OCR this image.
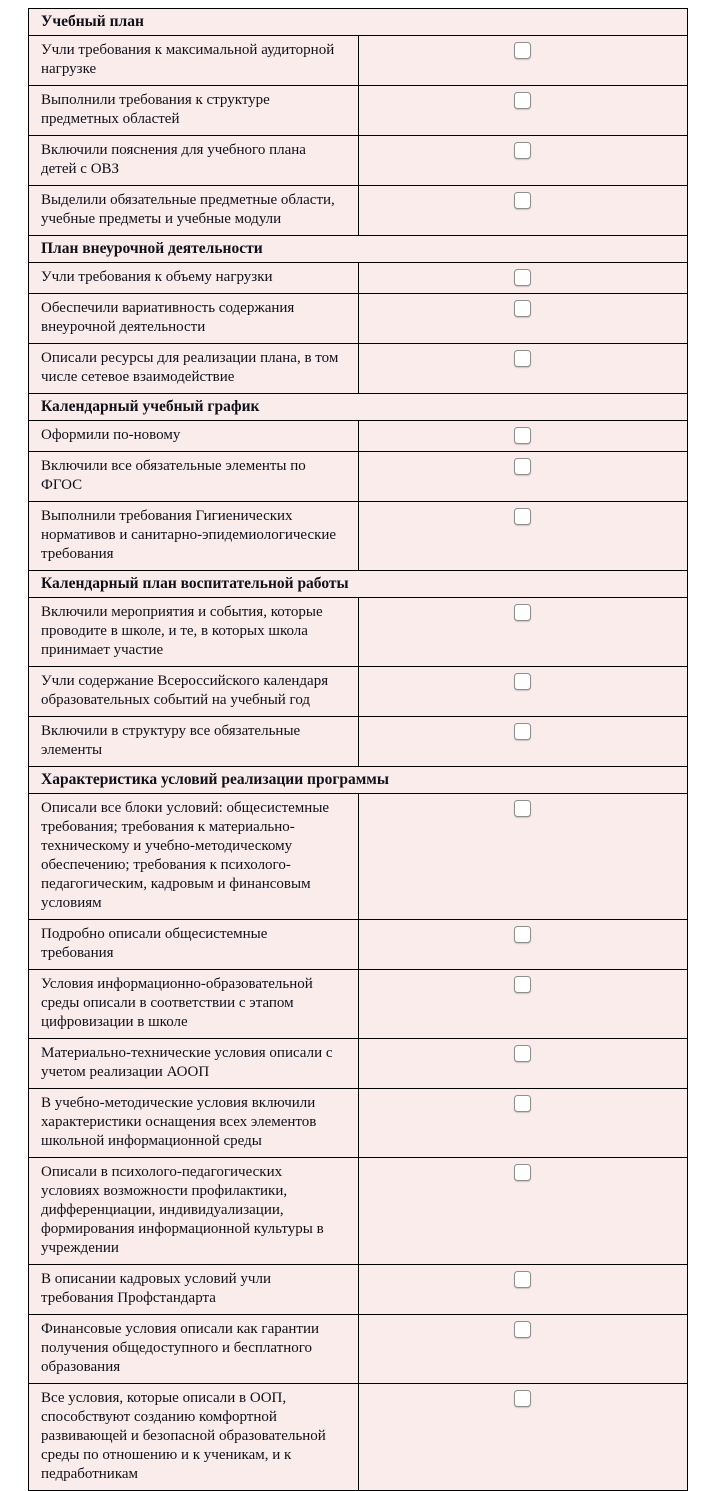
Учебный план	
Учли требования к максимальной аудиторной нагрузке	
Выполнили требования к структуре предметных областей	
Включили пояснения для учебного плана детей с ОВЗ	
Выделили обязательные предметные области, учебные предметы и учебные модули	
План внеурочной деятельности	
Учли требования к объему нагрузки	
Обеспечили вариативность содержания внеурочной деятельности	
Описали ресурсы для реализации плана, в том числе сетевое взаимодействие	
Календарный учебный график	
Оформили по-новому	
Включили все обязательные элементы по ФГОС	
Выполнили требования Гигиенических нормативов и санитарно-эпидемиологические требования	
Календарный план воспитательной работы	
Включили мероприятия и события, которые проводите в школе, и те, в которых школа принимает участие	
Учли содержание Всероссийского календаря образовательных событий на учебный год	
Включили в структуру все обязательные элементы	
Характеристика условий реализации программы	
Описали все блоки условий: общесистемные требования; требования к материально-техническому и учебно-методическому обеспечению; требования к психолого-педагогическим, кадровым и финансовым условиям	
Подробно описали общесистемные требования	
Условия информационно-образовательной среды описали в соответствии с этапом цифровизации в школе	
Материально-технические условия описали с учетом реализации АООП	
В учебно-методические условия включили характеристики оснащения всех элементов школьной информационной среды	
Описали в психолого-педагогических условиях возможности профилактики, дифференциации, индивидуализации, формирования информационной культуры в учреждении	
В описании кадровых условий учли требования Профстандарта	
Финансовые условия описали как гарантии получения общедоступного и бесплатного образования	
Все условия, которые описали в ООП, способствуют созданию комфортной развивающей и безопасной образовательной среды по отношению и к ученикам, и к педработникам	
